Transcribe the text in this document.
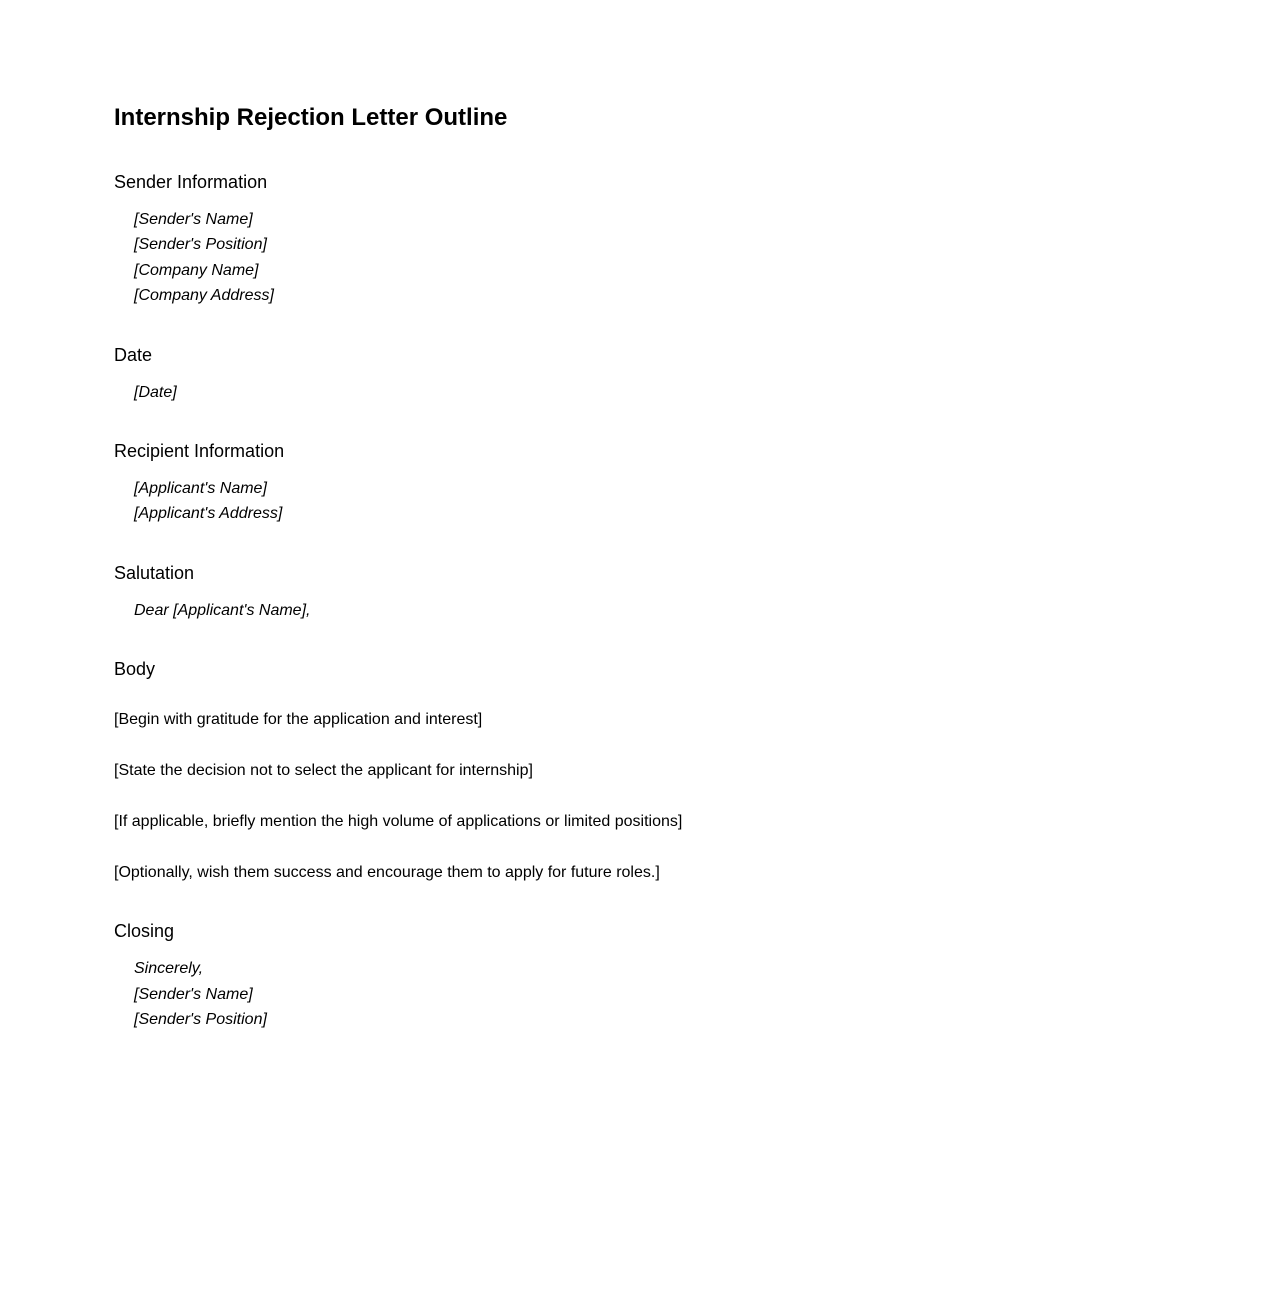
Internship Rejection Letter Outline
Sender Information
[Sender's Name]
[Sender's Position]
[Company Name]
[Company Address]
Date
[Date]
Recipient Information
[Applicant's Name]
[Applicant's Address]
Salutation
Dear [Applicant's Name],
Body

[Begin with gratitude for the application and interest]

[State the decision not to select the applicant for internship]

[If applicable, briefly mention the high volume of applications or limited positions]

[Optionally, wish them success and encourage them to apply for future roles.]

Closing
Sincerely,
[Sender's Name]
[Sender's Position]
